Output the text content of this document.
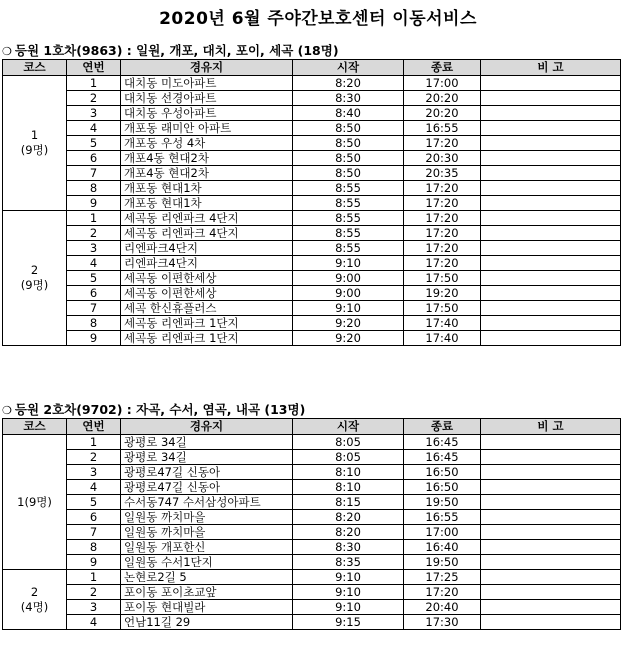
2020년 6월 주야간보호센터 이동서비스
❍ 등원 1호차(9863) : 일원, 개포, 대치, 포이, 세곡 (18명)
코스	연번	경유지	시작	종료	비 고

1
(9명)	1	대치동 미도아파트	8:20	17:00	
	2	대치동 선경아파트	8:30	20:20	
	3	대치동 우성아파트	8:40	20:20	
	4	개포동 래미안 아파트	8:50	16:55	
	5	개포동 우성 4차	8:50	17:20	
	6	개포4동 현대2차	8:50	20:30	
	7	개포4동 현대2차	8:50	20:35	
	8	개포동 현대1차	8:55	17:20	
	9	개포동 현대1차	8:55	17:20	

2
(9명)	1	세곡동 리엔파크 4단지	8:55	17:20	
	2	세곡동 리엔파크 4단지	8:55	17:20	
	3	리엔파크4단지	8:55	17:20	
	4	리엔파크4단지	9:10	17:20	
	5	세곡동 이편한세상	9:00	17:50	
	6	세곡동 이편한세상	9:00	19:20	
	7	세곡 한신휴플러스	9:10	17:50	
	8	세곡동 리엔파크 1단지	9:20	17:40	
	9	세곡동 리엔파크 1단지	9:20	17:40	
❍ 등원 2호차(9702) : 자곡, 수서, 염곡, 내곡 (13명)
코스	연번	경유지	시작	종료	비 고

1(9명)	1	광평로 34길	8:05	16:45	
	2	광평로 34길	8:05	16:45	
	3	광평로47길 신동아	8:10	16:50	
	4	광평로47길 신동아	8:10	16:50	
	5	수서동747 수서삼성아파트	8:15	19:50	
	6	일원동 까치마을	8:20	16:55	
	7	일원동 까치마을	8:20	17:00	
	8	일원동 개포한신	8:30	16:40	
	9	일원동 수서1단지	8:35	19:50	

2
(4명)	1	논현로2길 5	9:10	17:25	
	2	포이동 포이초교앞	9:10	17:20	
	3	포이동 현대빌라	9:10	20:40	
	4	언남11길 29	9:15	17:30	
